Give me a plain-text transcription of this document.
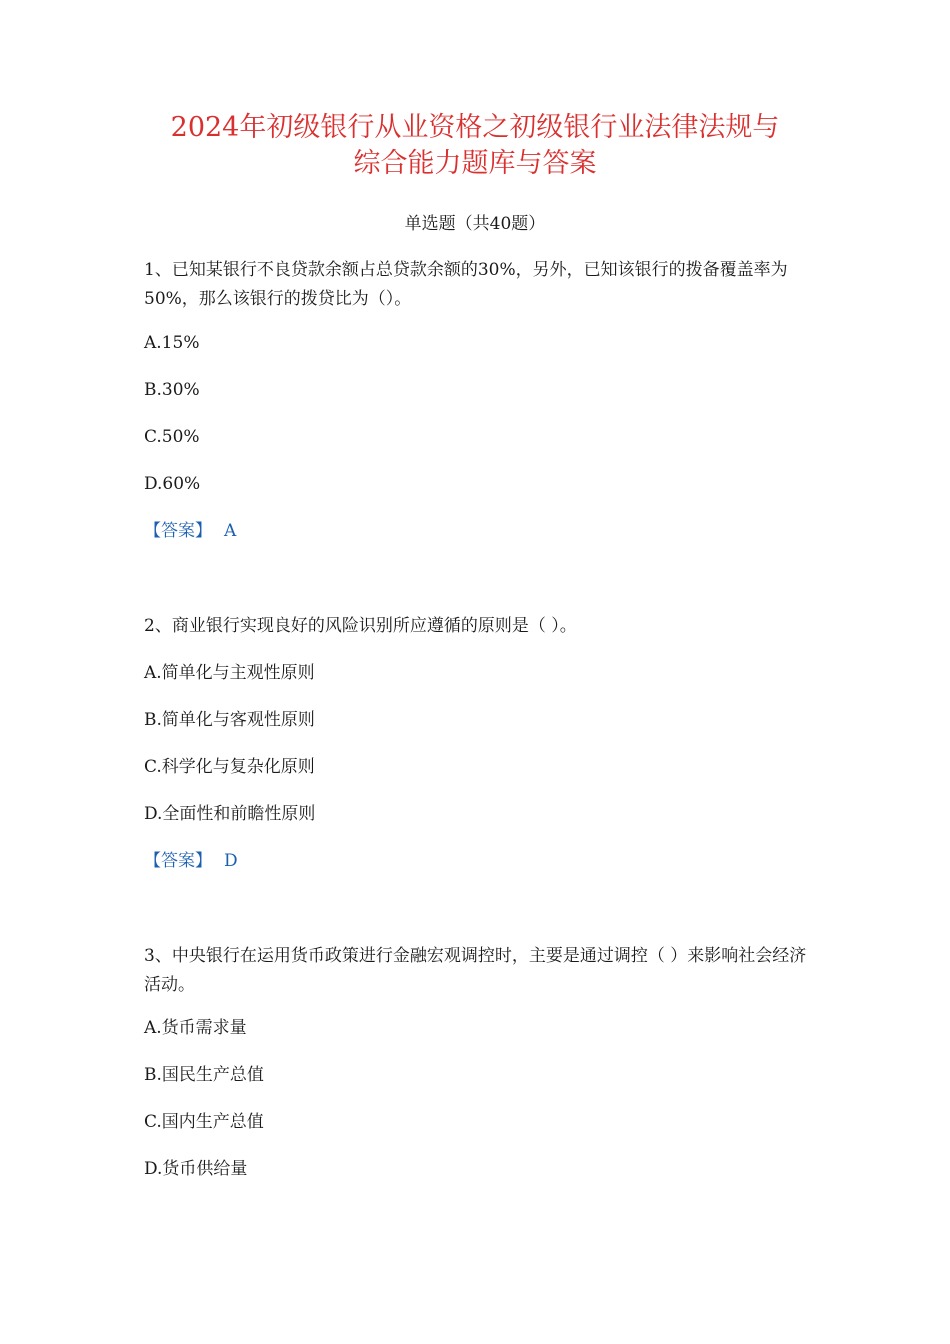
2024年初级银行从业资格之初级银行业法律法规与
综合能力题库与答案
单选题（共40题）
1、已知某银行不良贷款余额占总贷款余额的30%，另外，已知该银行的拨备覆盖率为50%，那么该银行的拨贷比为（）。
A.15%
B.30%
C.50%
D.60%
【答案】 A
2、商业银行实现良好的风险识别所应遵循的原则是（ ）。
A.简单化与主观性原则
B.简单化与客观性原则
C.科学化与复杂化原则
D.全面性和前瞻性原则
【答案】 D
3、中央银行在运用货币政策进行金融宏观调控时，主要是通过调控（ ）来影响社会经济活动。
A.货币需求量
B.国民生产总值
C.国内生产总值
D.货币供给量
